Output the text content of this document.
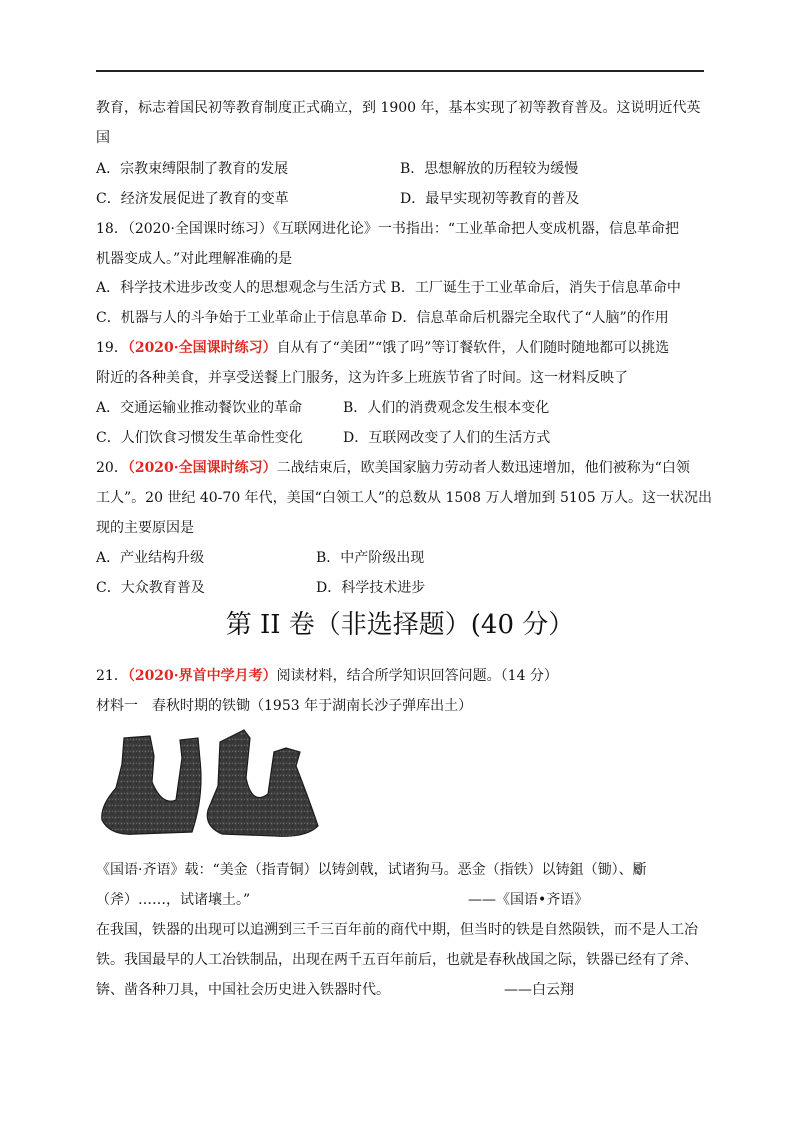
教育，标志着国民初等教育制度正式确立，到 1900 年，基本实现了初等教育普及。这说明近代英
国
A．宗教束缚限制了教育的发展	B．思想解放的历程较为缓慢
C．经济发展促进了教育的变革	D．最早实现初等教育的普及
18．（2020·全国课时练习）《互联网进化论》一书指出：“工业革命把人变成机器，信息革命把
机器变成人。”对此理解准确的是
A．科学技术进步改变人的思想观念与生活方式 B．工厂诞生于工业革命后，消失于信息革命中
C．机器与人的斗争始于工业革命止于信息革命 D．信息革命后机器完全取代了“人脑”的作用
19．（2020·全国课时练习）自从有了“美团”“饿了吗”等订餐软件，人们随时随地都可以挑选
附近的各种美食，并享受送餐上门服务，这为许多上班族节省了时间。这一材料反映了
A．交通运输业推动餐饮业的革命	B．人们的消费观念发生根本变化
C．人们饮食习惯发生革命性变化	D．互联网改变了人们的生活方式
20．（2020·全国课时练习）二战结束后，欧美国家脑力劳动者人数迅速增加，他们被称为“白领
工人”。20 世纪 40-70 年代，美国“白领工人”的总数从 1508 万人增加到 5105 万人。这一状况出
现的主要原因是
A．产业结构升级	B．中产阶级出现
C．大众教育普及	D．科学技术进步
第 II 卷（非选择题）(40 分）
21．（2020·界首中学月考）阅读材料，结合所学知识回答问题。（14 分）
材料一　春秋时期的铁锄（1953 年于湖南长沙子弹库出土）
《国语·齐语》载：“美金（指青铜）以铸剑戟，试诸狗马。恶金（指铁）以铸鉏（锄）、斸
（斧）……，试诸壤土。”	——《国语•齐语》
在我国，铁器的出现可以追溯到三千三百年前的商代中期，但当时的铁是自然陨铁，而不是人工冶
铁。我国最早的人工冶铁制品，出现在两千五百年前后，也就是春秋战国之际，铁器已经有了斧、
锛、凿各种刀具，中国社会历史进入铁器时代。	——白云翔
